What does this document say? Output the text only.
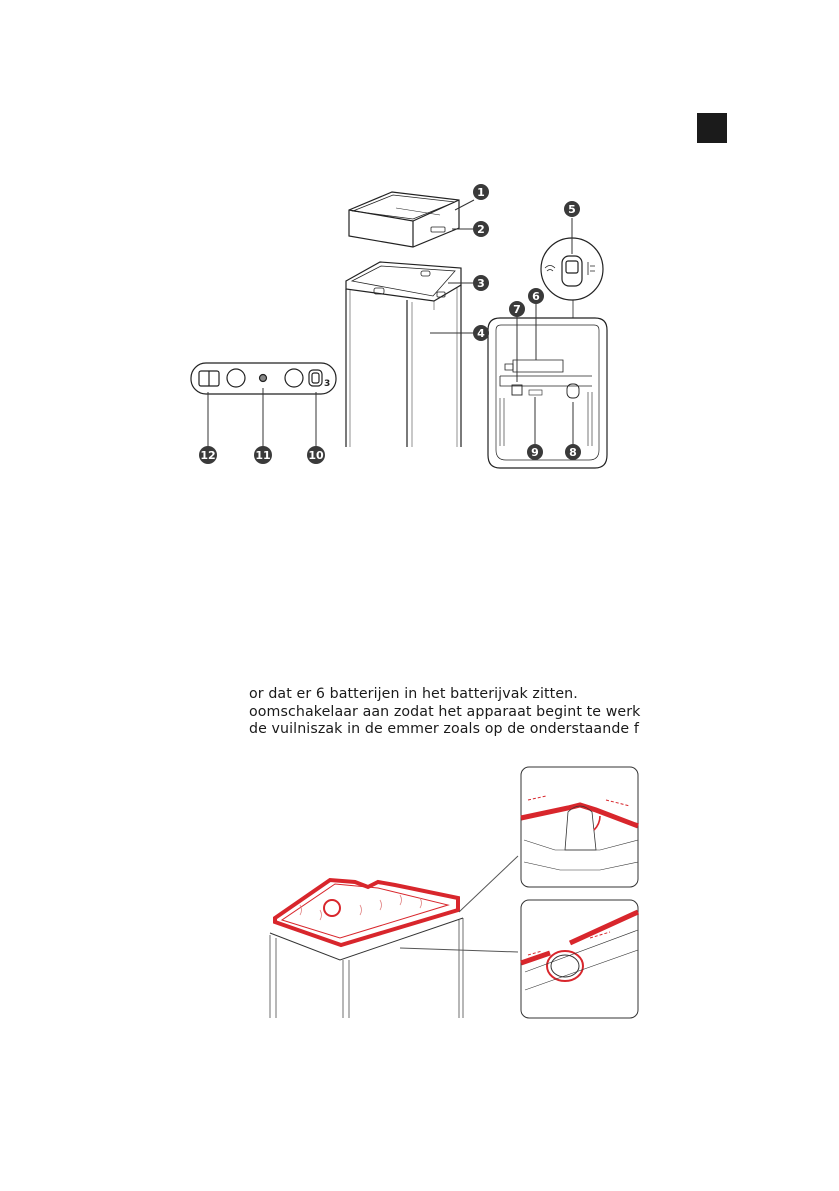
1
2
3
4
5
6
7
8
9
10
11
12
3
or dat er 6 batterijen in het batterijvak zitten.
oomschakelaar aan zodat het apparaat begint te werk
de vuilniszak in de emmer zoals op de onderstaande f
